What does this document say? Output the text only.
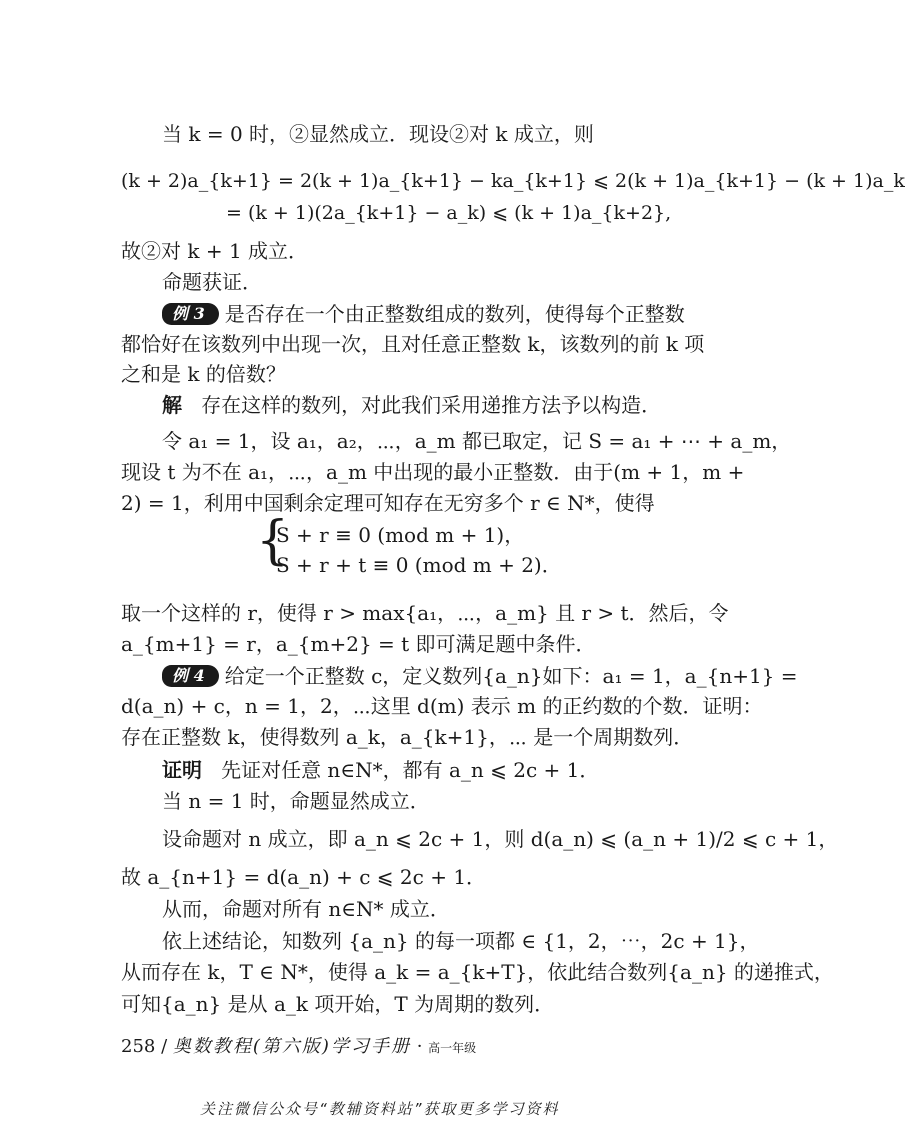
当 k = 0 时，②显然成立．现设②对 k 成立，则
(k + 2)a_{k+1} = 2(k + 1)a_{k+1} − ka_{k+1} ⩽ 2(k + 1)a_{k+1} − (k + 1)a_k
= (k + 1)(2a_{k+1} − a_k) ⩽ (k + 1)a_{k+2},
故②对 k + 1 成立．
命题获证．
例 3 是否存在一个由正整数组成的数列，使得每个正整数
都恰好在该数列中出现一次，且对任意正整数 k，该数列的前 k 项
之和是 k 的倍数？
解 存在这样的数列，对此我们采用递推方法予以构造．
令 a₁ = 1，设 a₁，a₂，⋯，a_m 都已取定，记 S = a₁ + ⋯ + a_m，
现设 t 为不在 a₁，⋯，a_m 中出现的最小正整数．由于(m + 1，m +
2) = 1，利用中国剩余定理可知存在无穷多个 r ∈ N*，使得
{
S + r ≡ 0 (mod m + 1)，
S + r + t ≡ 0 (mod m + 2)．
取一个这样的 r，使得 r > max{a₁，⋯，a_m} 且 r > t．然后，令
a_{m+1} = r，a_{m+2} = t 即可满足题中条件．
例 4 给定一个正整数 c，定义数列{a_n}如下：a₁ = 1，a_{n+1} =
d(a_n) + c，n = 1，2，⋯这里 d(m) 表示 m 的正约数的个数．证明：
存在正整数 k，使得数列 a_k，a_{k+1}，⋯ 是一个周期数列．
证明 先证对任意 n∈N*，都有 a_n ⩽ 2c + 1．
当 n = 1 时，命题显然成立．
设命题对 n 成立，即 a_n ⩽ 2c + 1，则 d(a_n) ⩽ (a_n + 1)/2 ⩽ c + 1，
故 a_{n+1} = d(a_n) + c ⩽ 2c + 1．
从而，命题对所有 n∈N* 成立．
依上述结论，知数列 {a_n} 的每一项都 ∈ {1，2，⋯，2c + 1}，
从而存在 k，T ∈ N*，使得 a_k = a_{k+T}，依此结合数列{a_n} 的递推式，
可知{a_n} 是从 a_k 项开始，T 为周期的数列．
258 / 奥数教程(第六版)学习手册 · 高一年级
关注微信公众号“教辅资料站”获取更多学习资料
